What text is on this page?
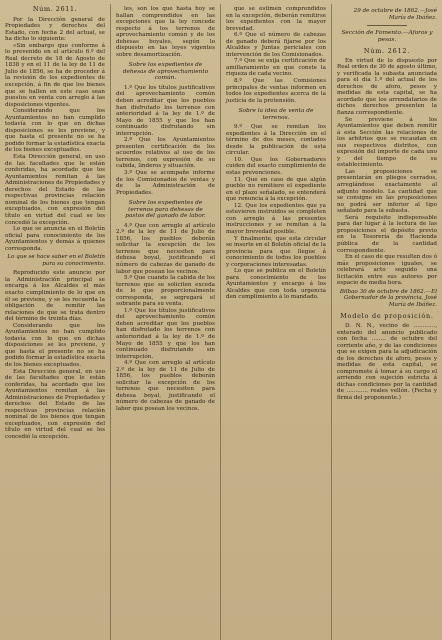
Núm. 2611.

Por la Dirección general de Propiedades y derechos del Estado, con fecha 2 del actual, se ha dicho lo siguiente:

«Sin embargo que conforme á lo prevenido en el artículo 6.º del Real decreto de 18 de Agosto de 1838 y en el 11 de la ley de 11 de Julio de 1856, se ha de proceder á la revisión de los expedientes de excepción, á fin de que los bienes que se hallen en este caso sean puestos en venta con arreglo á las disposiciones vigentes.

Considerando que los Ayuntamientos no han cumplido todavía con lo que en dichas disposiciones se les previene, y que hasta el presente no se ha podido formar la estadística exacta de los bienes exceptuados.

Esta Dirección general, en uso de las facultades que le están conferidas, ha acordado que los Ayuntamientos remitan á las Administraciones de Propiedades y derechos del Estado de las respectivas provincias relación nominal de los bienes que tengan exceptuados, con expresión del título en virtud del cual se les concedió la excepción.

Lo que se anuncia en el Boletín oficial para conocimiento de los Ayuntamientos y demás á quienes corresponda.

Lo que se hace saber en el Boletín para su conocimiento.

Reproducido este anuncio por la Administración principal se encarga á los Alcaldes el más exacto cumplimiento de lo que en él se previene, y se les recuerda la obligación de remitir las relaciones de que se trata dentro del término de treinta días.

Considerando que los Ayuntamientos no han cumplido todavía con lo que en dichas disposiciones se les previene, y que hasta el presente no se ha podido formar la estadística exacta de los bienes exceptuados.

Esta Dirección general, en uso de las facultades que le están conferidas, ha acordado que los Ayuntamientos remitan á las Administraciones de Propiedades y derechos del Estado de las respectivas provincias relación nominal de los bienes que tengan exceptuados, con expresión del título en virtud del cual se les concedió la excepción.

les, son los que hasta hoy se hallan comprendidos en las excepciones que la ley concede respecto á los terrenos de aprovechamiento común y de los dehesas boyales, según lo dispuesto en las leyes vigentes sobre desamortización.

Sobre los expedientes de dehesas de aprovechamiento común.

1.º Que los títulos justificativos del aprovechamiento común deben acreditar que los pueblos han disfrutado los terrenos con anterioridad á la ley de 1.º de Mayo de 1855 y que los han continuado disfrutando sin interrupción.

2.º Que los Ayuntamientos presenten certificación de los acuerdos relativos al uso de los terrenos, con expresión de su cabida, linderos y situación.

3.º Que se acompañe informe de los Comisionados de ventas y de la Administración de Propiedades.

Sobre los expedientes de terrenos para dehesas de pastos del ganado de labor.

4.º Que con arreglo al artículo 2.º de la ley de 11 de Julio de 1856, los pueblos deberán solicitar la excepción de los terrenos que necesiten para dehesa boyal, justificando el número de cabezas de ganado de labor que posean los vecinos.

5.º Que cuando la cabida de los terrenos que se soliciten exceda de lo que proporcionalmente corresponda, se segregará el sobrante para su venta.

1.º Que los títulos justificativos del aprovechamiento común deben acreditar que los pueblos han disfrutado los terrenos con anterioridad á la ley de 1.º de Mayo de 1855 y que los han continuado disfrutando sin interrupción.

4.º Que con arreglo al artículo 2.º de la ley de 11 de Julio de 1856, los pueblos deberán solicitar la excepción de los terrenos que necesiten para dehesa boyal, justificando el número de cabezas de ganado de labor que posean los vecinos.

que se estimen comprendidos en la excepción, deberán remitirse los expedientes con la mayor brevedad.

6.º Que el número de cabezas de ganado deberá fijarse por los Alcaldes y Juntas periciales con intervención de los Comisionados.

7.º Que se exija certificación de amillaramiento en que conste la riqueza de cada vecino.

8.º Que las Comisiones principales de ventas informen en todos los expedientes acerca de la justicia de la pretensión.

Sobre la idea de venta de terrenos.

9.º Que se remitan los expedientes á la Dirección en el término de dos meses, contados desde la publicación de esta circular.

10. Que los Gobernadores cuiden del exacto cumplimiento de estas prevenciones.

11. Que en caso de que algún pueblo no remitiere el expediente en el plazo señalado, se entenderá que renuncia á la excepción.

12. Que los expedientes que ya estuvieren instruidos se completen con arreglo á las presentes instrucciones y se remitan á la mayor brevedad posible.

Y finalmente, que esta circular se inserte en el Boletín oficial de la provincia para que llegue á conocimiento de todos los pueblos y corporaciones interesadas.

Lo que se publica en el Boletín para conocimiento de los Ayuntamientos y encargo á los Alcaldes que con toda urgencia den cumplimiento á lo mandado.

29 de octubre de 1862.—José María de Ibáñez.
Sección de Fomento.—Aforos y pesas.
Núm. 2612.

En virtud de lo dispuesto por Real orden de 30 de agosto último, y verificada la subasta anunciada para el día 1.º del actual de los derechos de aforo, pesos y medidas de esta capital, se ha acordado que los arrendatarios de dichos derechos presenten la fianza correspondiente.

Se previene á los Ayuntamientos que deben remitir á esta Sección las relaciones de los arbitrios que se recaudan en sus respectivos distritos, con expresión del importe de cada uno y del tiempo de su establecimiento.

Las proposiciones se presentarán en pliegos cerrados, arreglándose exactamente al adjunto modelo. La cantidad que se consigne en las proposiciones no podrá ser inferior al tipo señalado para la subasta.

Será requisito indispensable para dar lugar á la lectura de las proposiciones el depósito previo en la Tesorería de Hacienda pública de la cantidad correspondiente.

En el caso de que resulten dos ó más proposiciones iguales, se celebrará acto seguido una licitación entre sus autores por espacio de media hora.

Bilbao 30 de octubre de 1862.—El Gobernador de la provincia, José María de Ibáñez.
Modelo de proposición.

D. N. N., vecino de ............, enterado del anuncio publicado con fecha ........ de octubre del corriente año, y de las condiciones que se exigen para la adjudicación de los derechos de aforo, pesos y medidas de esta capital, se compromete á tomar á su cargo el arriendo con sujeción estricta á dichas condiciones por la cantidad de ............ reales vellón. (Fecha y firma del proponente.)
